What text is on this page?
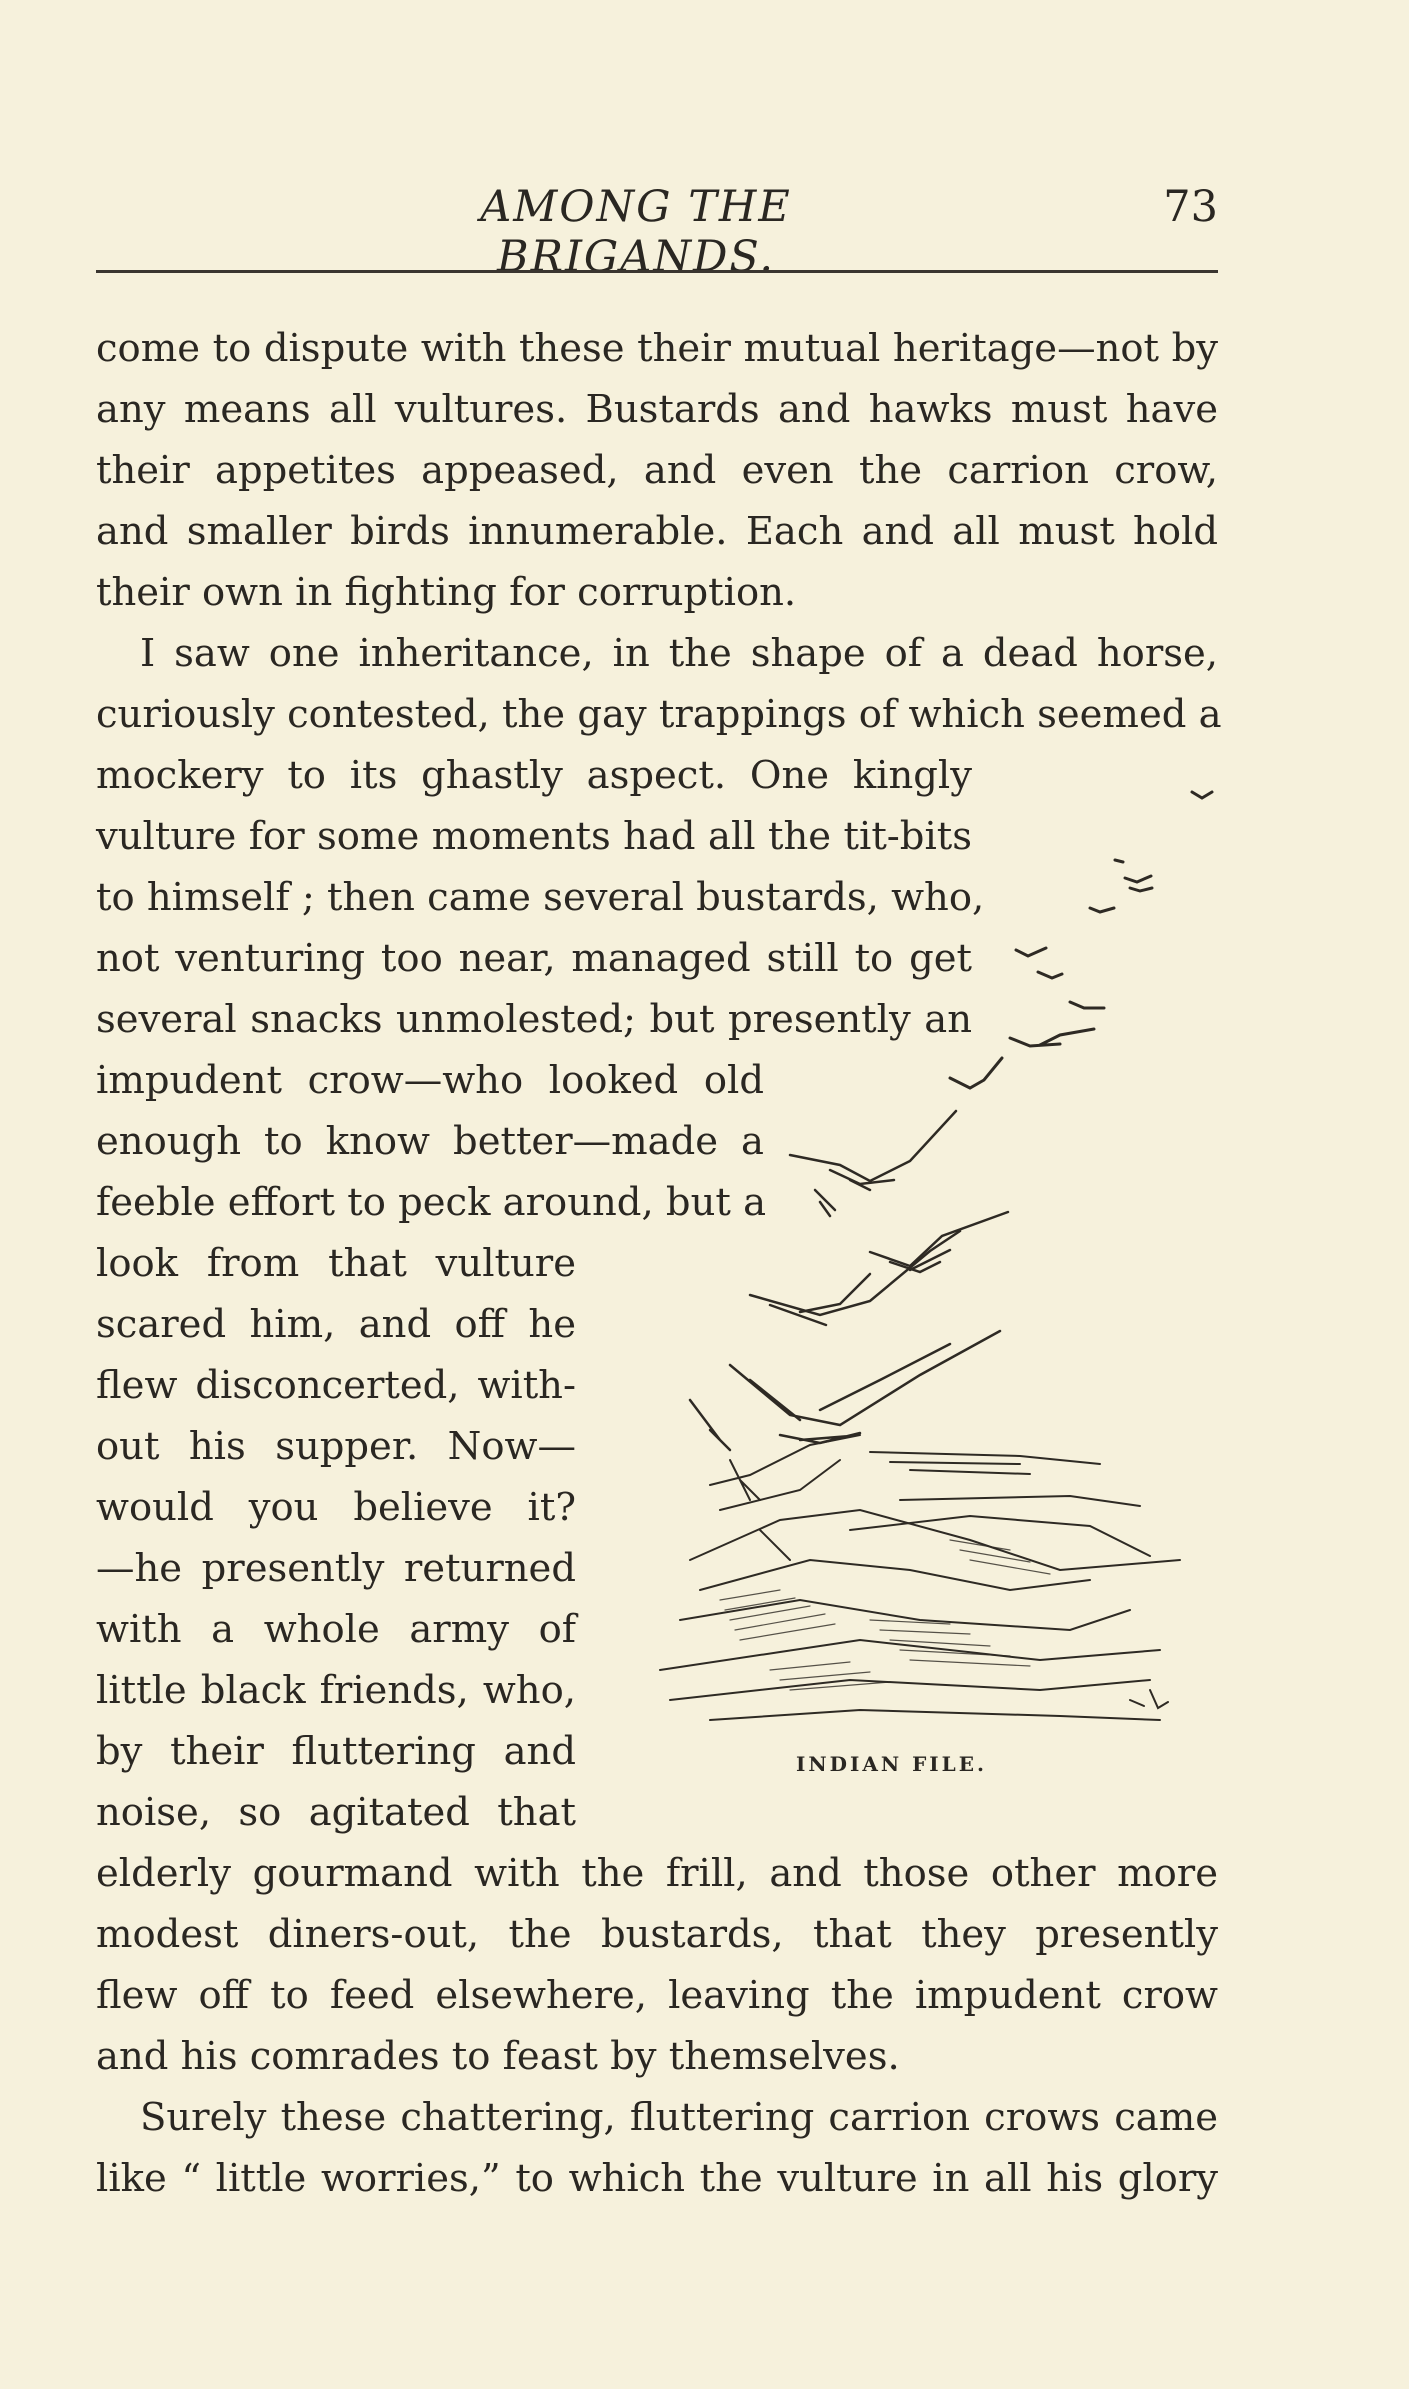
AMONG THE BRIGANDS.
73
come to dispute with these their mutual heritage—not by
any means all vultures. Bustards and hawks must have
their appetites appeased, and even the carrion crow,
and smaller birds innumerable. Each and all must hold
their own in fighting for corruption.
I saw one inheritance, in the shape of a dead horse,
curiously contested, the gay trappings of which seemed a
mockery to its ghastly aspect. One kingly
vulture for some moments had all the tit-bits
to himself ; then came several bustards, who,
not venturing too near, managed still to get
several snacks unmolested; but presently an
impudent crow—who looked old
enough to know better—made a
feeble effort to peck around, but a
look from that vulture
scared him, and off he
flew disconcerted, with-
out his supper. Now—
would you believe it?
—he presently returned
with a whole army of
little black friends, who,
by their fluttering and
noise, so agitated that
elderly gourmand with the frill, and those other more
modest diners-out, the bustards, that they presently
flew off to feed elsewhere, leaving the impudent crow
and his comrades to feast by themselves.
Surely these chattering, fluttering carrion crows came
like “ little worries,” to which the vulture in all his glory
INDIAN FILE.
